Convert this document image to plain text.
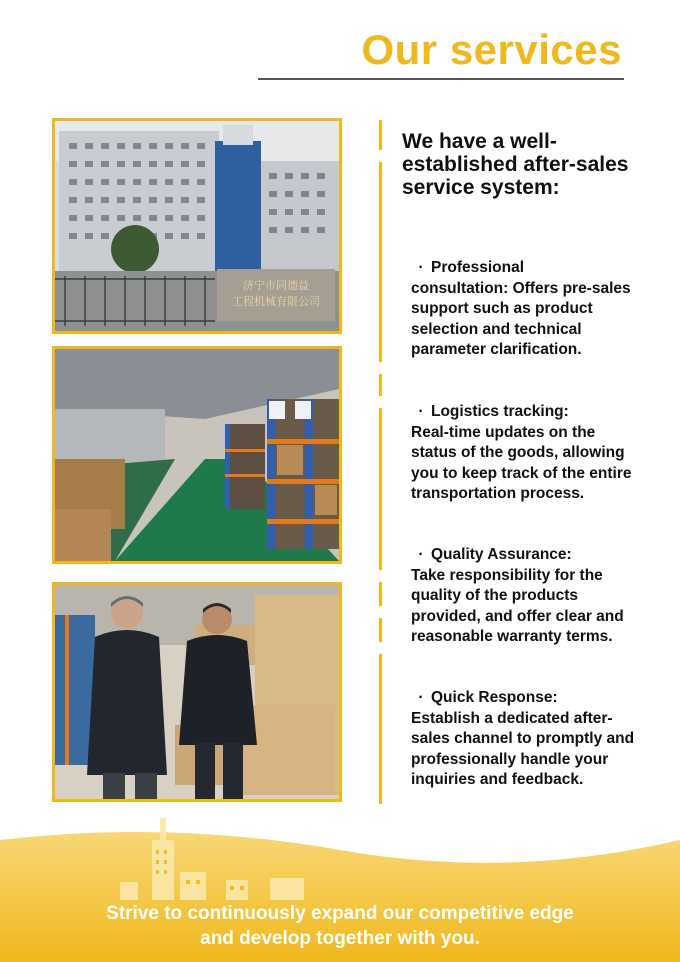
Our services
济宁市同德益
工程机械有限公司
We have a well-established after-sales service system:
· Professional
consultation: Offers pre-sales support such as product selection and technical parameter clarification.
· Logistics tracking:
Real-time updates on the status of the goods, allowing you to keep track of the entire transportation process.
· Quality Assurance:
Take responsibility for the quality of the products provided, and offer clear and reasonable warranty terms.
· Quick Response:
Establish a dedicated after-sales channel to promptly and professionally handle your inquiries and feedback.
Strive to continuously expand our competitive edge
and develop together with you.
